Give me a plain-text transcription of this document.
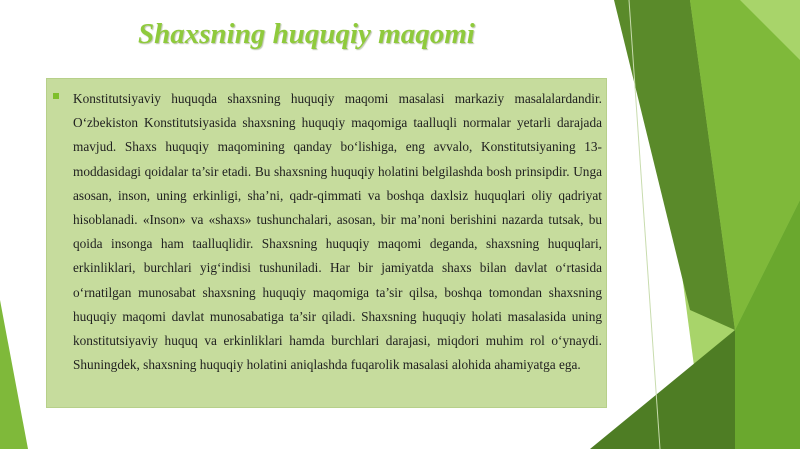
Shaxsning huquqiy maqomi

Konstitutsiyaviy huquqda shaxsning huquqiy maqomi masalasi markaziy masalalardandir. O‘zbekiston Konstitutsiyasida shaxsning huquqiy maqomiga taalluqli normalar yetarli darajada mavjud. Shaxs huquqiy maqomining qanday bo‘lishiga, eng avvalo, Konstitutsiyaning 13-moddasidagi qoidalar ta’sir etadi. Bu shaxsning huquqiy holatini belgilashda bosh prinsipdir. Unga asosan, inson, uning erkinligi, sha’ni, qadr-qimmati va boshqa daxlsiz huquqlari oliy qadriyat hisoblanadi. «Inson» va «shaxs» tushunchalari, asosan, bir ma’noni berishini nazarda tutsak, bu qoida insonga ham taalluqlidir. Shaxsning huquqiy maqomi deganda, shaxsning huquqlari, erkinliklari, burchlari yig‘indisi tushuniladi. Har bir jamiyatda shaxs bilan davlat o‘rtasida o‘rnatilgan munosabat shaxsning huquqiy maqomiga ta’sir qilsa, boshqa tomondan shaxsning huquqiy maqomi davlat munosabatiga ta’sir qiladi. Shaxsning huquqiy holati masalasida uning konstitutsiyaviy huquq va erkinliklari hamda burchlari darajasi, miqdori muhim rol o‘ynaydi. Shuningdek, shaxsning huquqiy holatini aniqlashda fuqarolik masalasi alohida ahamiyatga ega.
